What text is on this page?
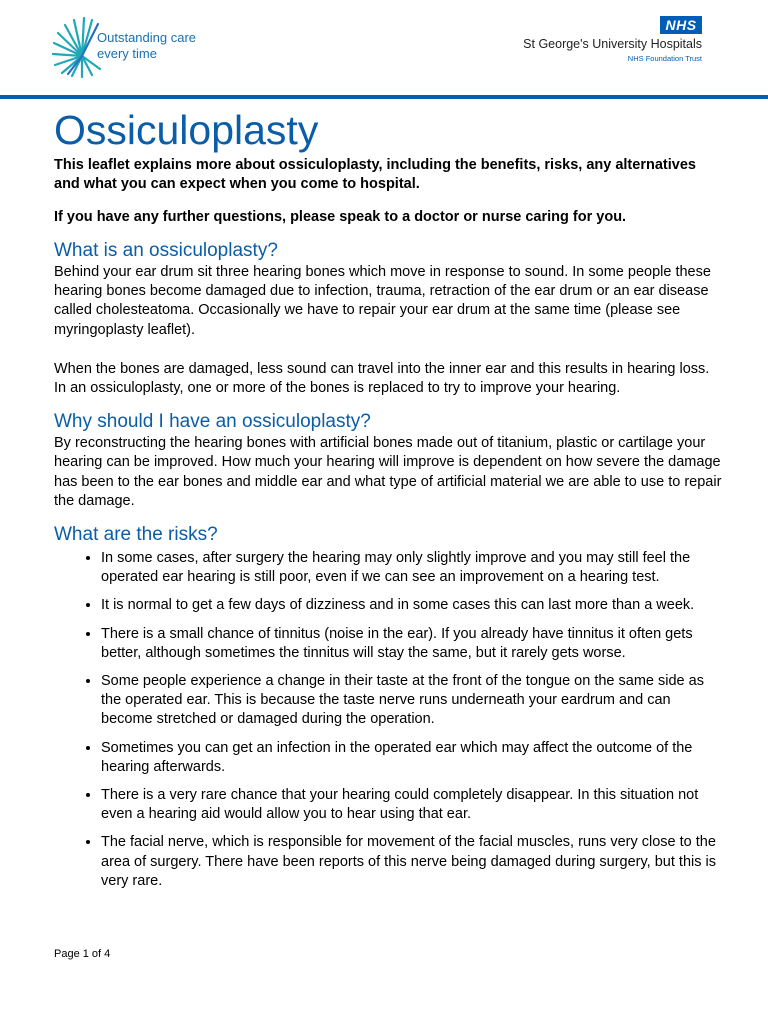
Outstanding care
every time
NHS
St George's University Hospitals
NHS Foundation Trust
Ossiculoplasty

This leaflet explains more about ossiculoplasty, including the benefits, risks, any alternatives and what you can expect when you come to hospital.

If you have any further questions, please speak to a doctor or nurse caring for you.

What is an ossiculoplasty?

Behind your ear drum sit three hearing bones which move in response to sound. In some people these hearing bones become damaged due to infection, trauma, retraction of the ear drum or an ear disease called cholesteatoma. Occasionally we have to repair your ear drum at the same time (please see myringoplasty leaflet).

When the bones are damaged, less sound can travel into the inner ear and this results in hearing loss. In an ossiculoplasty, one or more of the bones is replaced to try to improve your hearing.

Why should I have an ossiculoplasty?

By reconstructing the hearing bones with artificial bones made out of titanium, plastic or cartilage your hearing can be improved. How much your hearing will improve is dependent on how severe the damage has been to the ear bones and middle ear and what type of artificial material we are able to use to repair the damage.

What are the risks?
• In some cases, after surgery the hearing may only slightly improve and you may still feel the operated ear hearing is still poor, even if we can see an improvement on a hearing test.
• It is normal to get a few days of dizziness and in some cases this can last more than a week.
• There is a small chance of tinnitus (noise in the ear). If you already have tinnitus it often gets better, although sometimes the tinnitus will stay the same, but it rarely gets worse.
• Some people experience a change in their taste at the front of the tongue on the same side as the operated ear. This is because the taste nerve runs underneath your eardrum and can become stretched or damaged during the operation.
• Sometimes you can get an infection in the operated ear which may affect the outcome of the hearing afterwards.
• There is a very rare chance that your hearing could completely disappear. In this situation not even a hearing aid would allow you to hear using that ear.
• The facial nerve, which is responsible for movement of the facial muscles, runs very close to the area of surgery. There have been reports of this nerve being damaged during surgery, but this is very rare.
Page 1 of 4
